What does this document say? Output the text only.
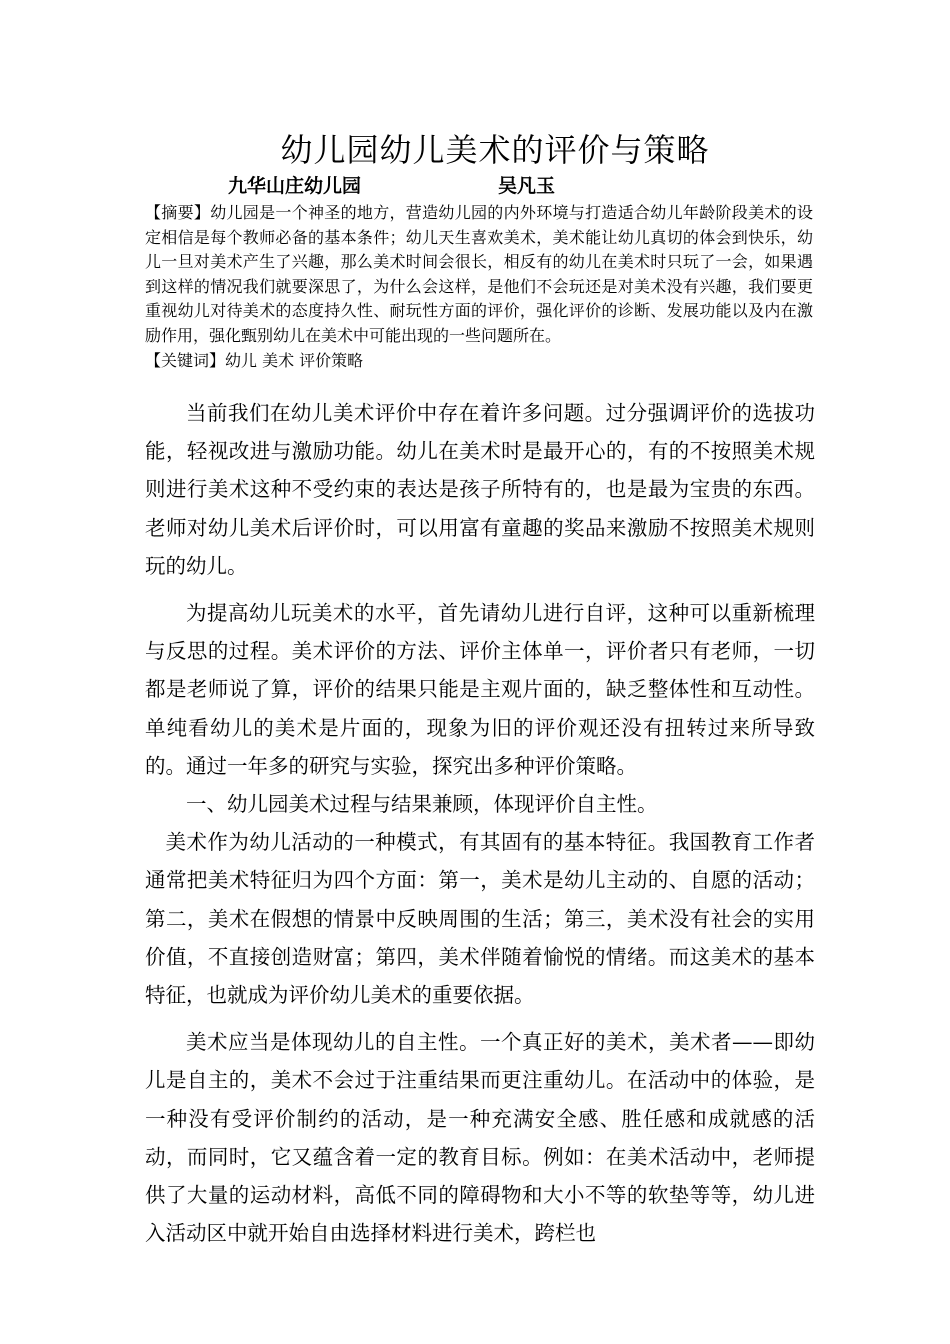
幼儿园幼儿美术的评价与策略
九华山庄幼儿园	吴凡玉

【摘要】幼儿园是一个神圣的地方，营造幼儿园的内外环境与打造适合幼儿年龄阶段美术的设定相信是每个教师必备的基本条件；幼儿天生喜欢美术，美术能让幼儿真切的体会到快乐，幼儿一旦对美术产生了兴趣，那么美术时间会很长，相反有的幼儿在美术时只玩了一会，如果遇到这样的情况我们就要深思了，为什么会这样，是他们不会玩还是对美术没有兴趣，我们要更重视幼儿对待美术的态度持久性、耐玩性方面的评价，强化评价的诊断、发展功能以及内在激励作用，强化甄别幼儿在美术中可能出现的一些问题所在。

【关键词】幼儿 美术 评价策略

当前我们在幼儿美术评价中存在着许多问题。过分强调评价的选拔功能，轻视改进与激励功能。幼儿在美术时是最开心的，有的不按照美术规则进行美术这种不受约束的表达是孩子所特有的，也是最为宝贵的东西。老师对幼儿美术后评价时，可以用富有童趣的奖品来激励不按照美术规则玩的幼儿。

为提高幼儿玩美术的水平，首先请幼儿进行自评，这种可以重新梳理与反思的过程。美术评价的方法、评价主体单一，评价者只有老师，一切都是老师说了算，评价的结果只能是主观片面的，缺乏整体性和互动性。单纯看幼儿的美术是片面的，现象为旧的评价观还没有扭转过来所导致的。通过一年多的研究与实验，探究出多种评价策略。

一、幼儿园美术过程与结果兼顾，体现评价自主性。

美术作为幼儿活动的一种模式，有其固有的基本特征。我国教育工作者通常把美术特征归为四个方面：第一，美术是幼儿主动的、自愿的活动；第二，美术在假想的情景中反映周围的生活；第三，美术没有社会的实用价值，不直接创造财富；第四，美术伴随着愉悦的情绪。而这美术的基本特征，也就成为评价幼儿美术的重要依据。

美术应当是体现幼儿的自主性。一个真正好的美术，美术者——即幼儿是自主的，美术不会过于注重结果而更注重幼儿。在活动中的体验，是一种没有受评价制约的活动，是一种充满安全感、胜任感和成就感的活动，而同时，它又蕴含着一定的教育目标。例如：在美术活动中，老师提供了大量的运动材料，高低不同的障碍物和大小不等的软垫等等，幼儿进入活动区中就开始自由选择材料进行美术，跨栏也
